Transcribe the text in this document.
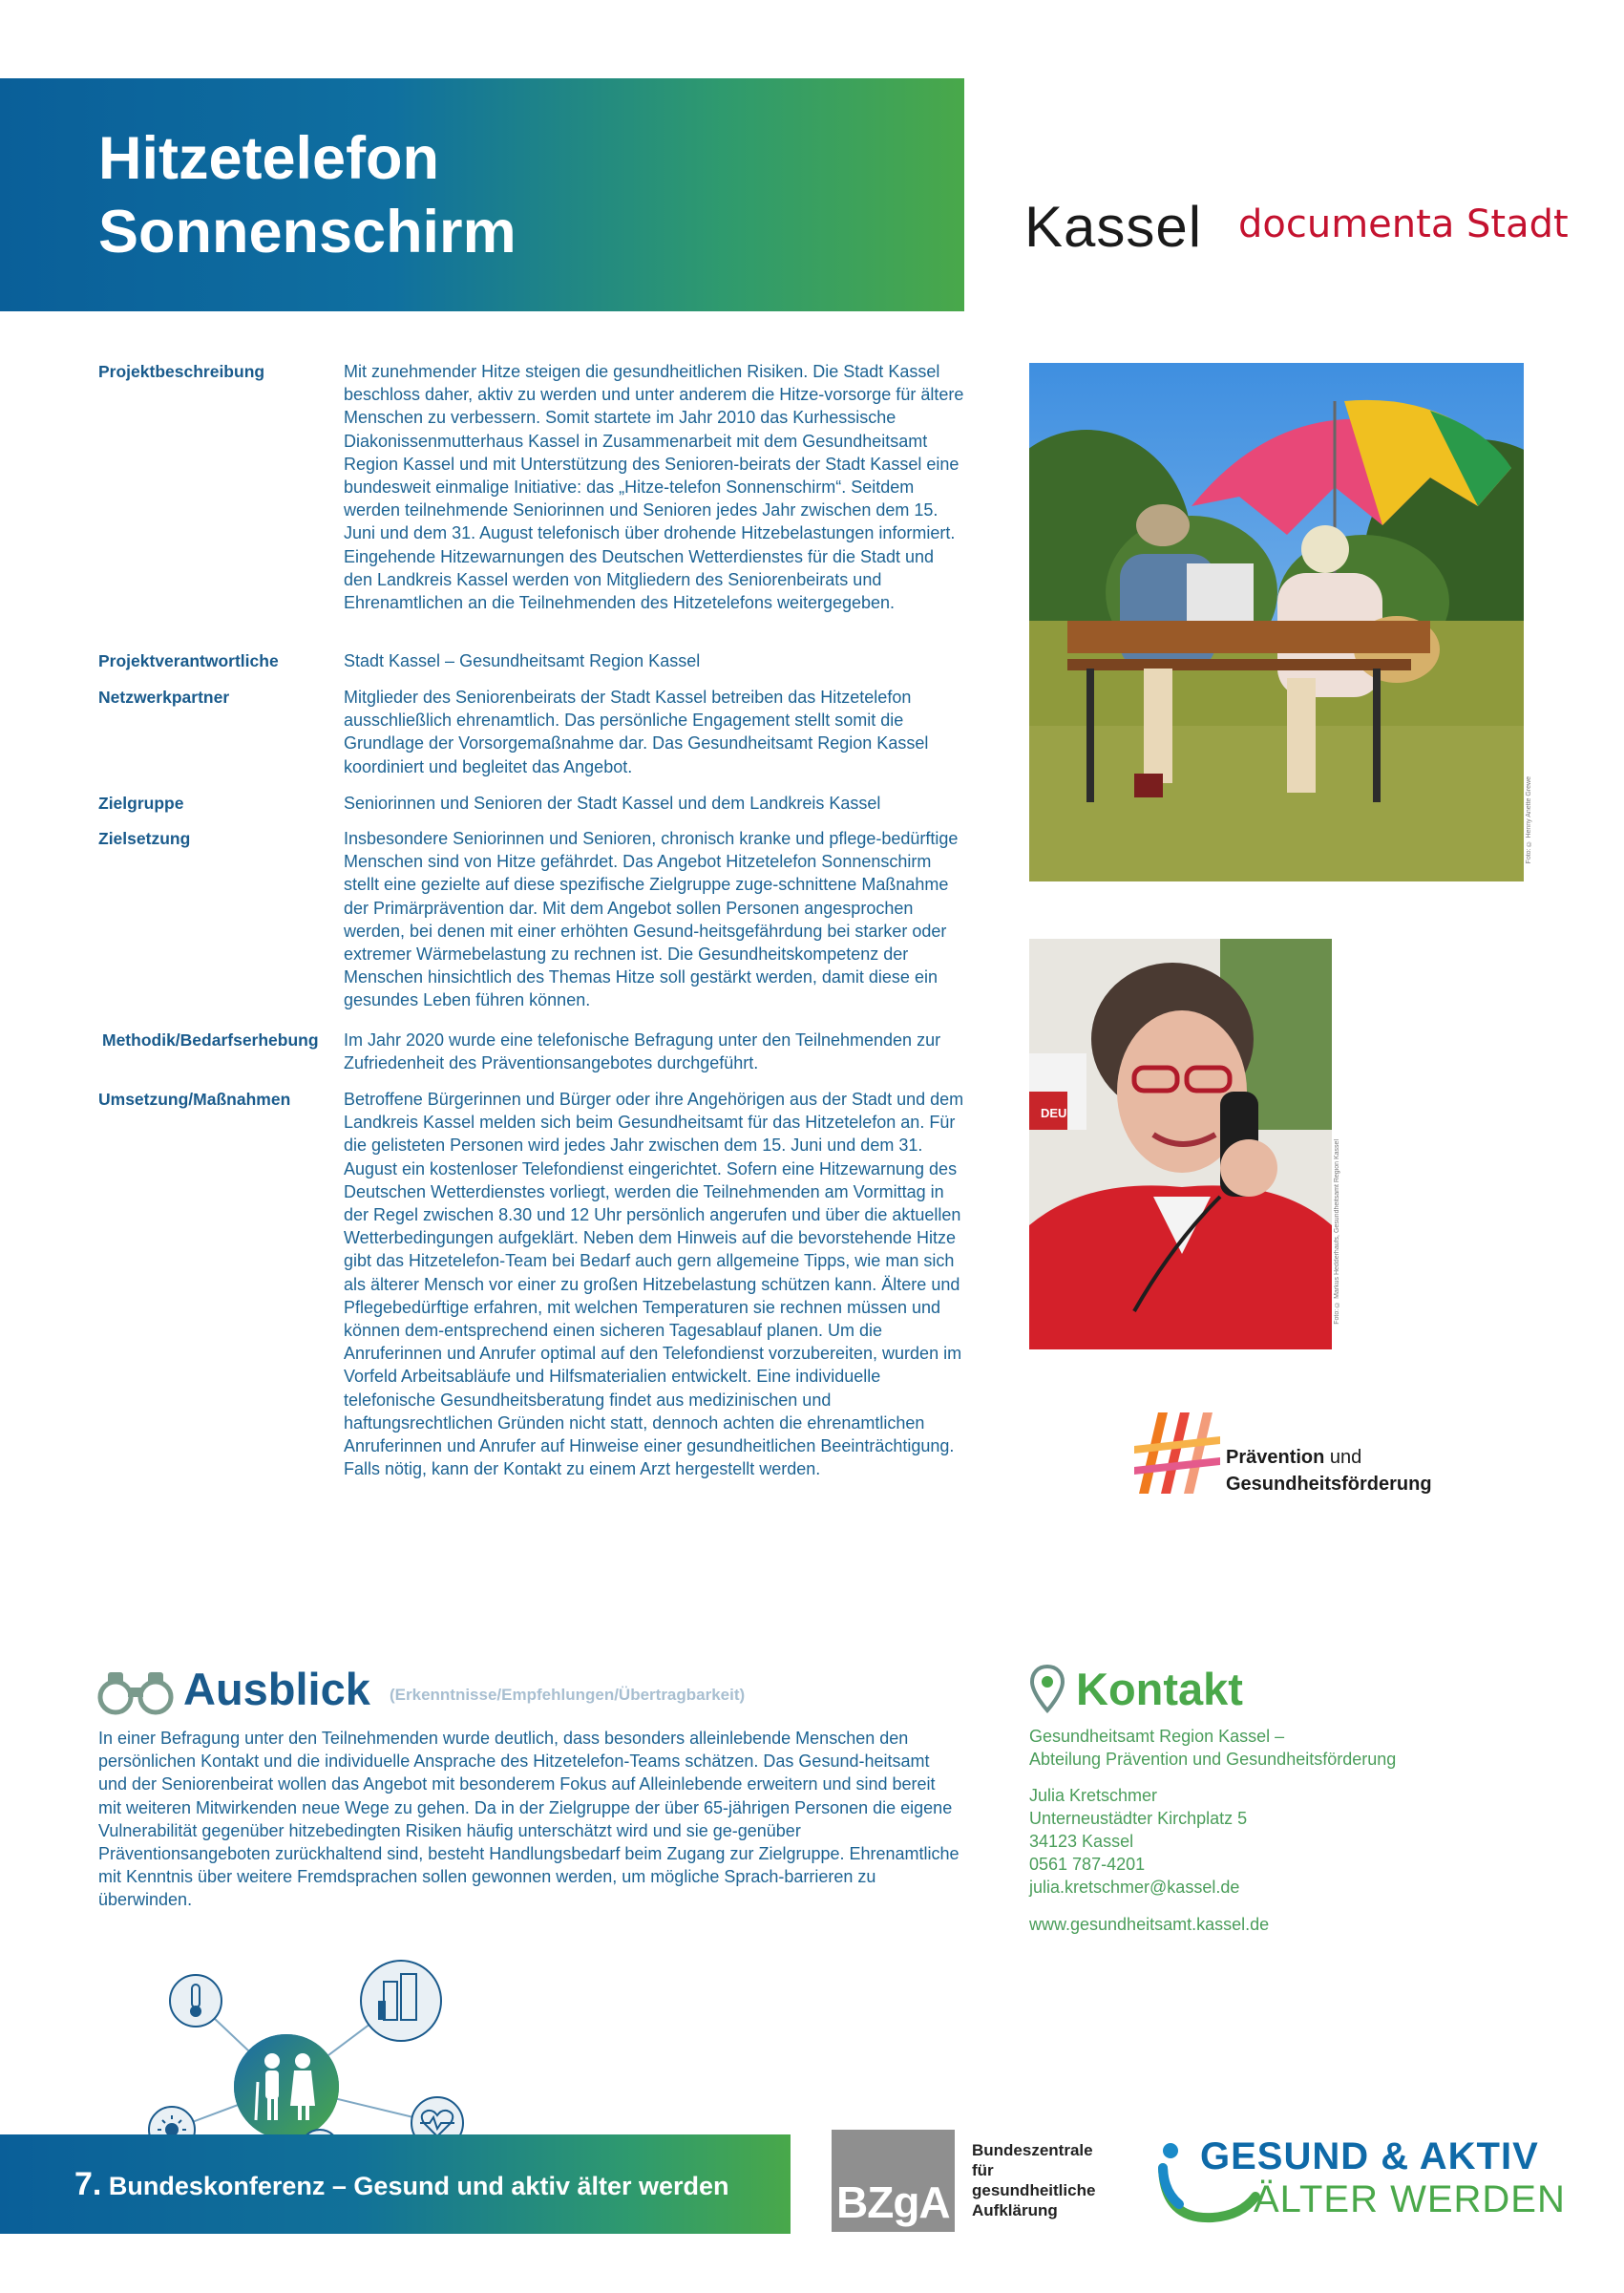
Hitzetelefon
Sonnenschirm	Kassel documenta Stadt
Projektbeschreibung	Mit zunehmender Hitze steigen die gesundheitlichen Risiken. Die Stadt Kassel beschloss daher, aktiv zu werden und unter anderem die Hitze-vorsorge für ältere Menschen zu verbessern. Somit startete im Jahr 2010 das Kurhessische Diakonissenmutterhaus Kassel in Zusammenarbeit mit dem Gesundheitsamt Region Kassel und mit Unterstützung des Senioren-beirats der Stadt Kassel eine bundesweit einmalige Initiative: das „Hitze-telefon Sonnenschirm“. Seitdem werden teilnehmende Seniorinnen und Senioren jedes Jahr zwischen dem 15. Juni und dem 31. August telefonisch über drohende Hitzebelastungen informiert. Eingehende Hitzewarnungen des Deutschen Wetterdienstes für die Stadt und den Landkreis Kassel werden von Mitgliedern des Seniorenbeirats und Ehrenamtlichen an die Teilnehmenden des Hitzetelefons weitergegeben.
Projektverantwortliche	Stadt Kassel – Gesundheitsamt Region Kassel
Netzwerkpartner	Mitglieder des Seniorenbeirats der Stadt Kassel betreiben das Hitzetelefon ausschließlich ehrenamtlich. Das persönliche Engagement stellt somit die Grundlage der Vorsorgemaßnahme dar. Das Gesundheitsamt Region Kassel koordiniert und begleitet das Angebot.
Zielgruppe	Seniorinnen und Senioren der Stadt Kassel und dem Landkreis Kassel
Zielsetzung	Insbesondere Seniorinnen und Senioren, chronisch kranke und pflege-bedürftige Menschen sind von Hitze gefährdet. Das Angebot Hitzetelefon Sonnenschirm stellt eine gezielte auf diese spezifische Zielgruppe zuge-schnittene Maßnahme der Primärprävention dar. Mit dem Angebot sollen Personen angesprochen werden, bei denen mit einer erhöhten Gesund-heitsgefährdung bei starker oder extremer Wärmebelastung zu rechnen ist. Die Gesundheitskompetenz der Menschen hinsichtlich des Themas Hitze soll gestärkt werden, damit diese ein gesundes Leben führen können.
Methodik/Bedarfserhebung	Im Jahr 2020 wurde eine telefonische Befragung unter den Teilnehmenden zur Zufriedenheit des Präventionsangebotes durchgeführt.
Umsetzung/Maßnahmen	Betroffene Bürgerinnen und Bürger oder ihre Angehörigen aus der Stadt und dem Landkreis Kassel melden sich beim Gesundheitsamt für das Hitzetelefon an. Für die gelisteten Personen wird jedes Jahr zwischen dem 15. Juni und dem 31. August ein kostenloser Telefondienst eingerichtet. Sofern eine Hitzewarnung des Deutschen Wetterdienstes vorliegt, werden die Teilnehmenden am Vormittag in der Regel zwischen 8.30 und 12 Uhr persönlich angerufen und über die aktuellen Wetterbedingungen aufgeklärt. Neben dem Hinweis auf die bevorstehende Hitze gibt das Hitzetelefon-Team bei Bedarf auch gern allgemeine Tipps, wie man sich als älterer Mensch vor einer zu großen Hitzebelastung schützen kann. Ältere und Pflegebedürftige erfahren, mit welchen Temperaturen sie rechnen müssen und können dem-entsprechend einen sicheren Tagesablauf planen. Um die Anruferinnen und Anrufer optimal auf den Telefondienst vorzubereiten, wurden im Vorfeld Arbeitsabläufe und Hilfsmaterialien entwickelt. Eine individuelle telefonische Gesundheitsberatung findet aus medizinischen und haftungsrechtlichen Gründen nicht statt, dennoch achten die ehrenamtlichen Anruferinnen und Anrufer auf Hinweise einer gesundheitlichen Beeinträchtigung. Falls nötig, kann der Kontakt zu einem Arzt hergestellt werden.
Foto: © Henny Anette Grewe
DEU
Foto: © Markus Hedderhaufs, Gesundheitsamt Region Kassel
Prävention und
Gesundheitsförderung
Ausblick (Erkenntnisse/Empfehlungen/Übertragbarkeit)
In einer Befragung unter den Teilnehmenden wurde deutlich, dass besonders alleinlebende Menschen den persönlichen Kontakt und die individuelle Ansprache des Hitzetelefon-Teams schätzen. Das Gesund-heitsamt und der Seniorenbeirat wollen das Angebot mit besonderem Fokus auf Alleinlebende erweitern und sind bereit mit weiteren Mitwirkenden neue Wege zu gehen. Da in der Zielgruppe der über 65-jährigen Personen die eigene Vulnerabilität gegenüber hitzebedingten Risiken häufig unterschätzt wird und sie ge-genüber Präventionsangeboten zurückhaltend sind, besteht Handlungsbedarf beim Zugang zur Zielgruppe. Ehrenamtliche mit Kenntnis über weitere Fremdsprachen sollen gewonnen werden, um mögliche Sprach-barrieren zu überwinden.
Kontakt
Gesundheitsamt Region Kassel –
Abteilung Prävention und Gesundheitsförderung
Julia Kretschmer
Unterneustädter Kirchplatz 5
34123 Kassel
0561 787-4201
julia.kretschmer@kassel.de
www.gesundheitsamt.kassel.de
7. Bundeskonferenz – Gesund und aktiv älter werden BZgA
Bundeszentrale
für
gesundheitliche
Aufklärung
GESUND & AKTIV
ÄLTER WERDEN
